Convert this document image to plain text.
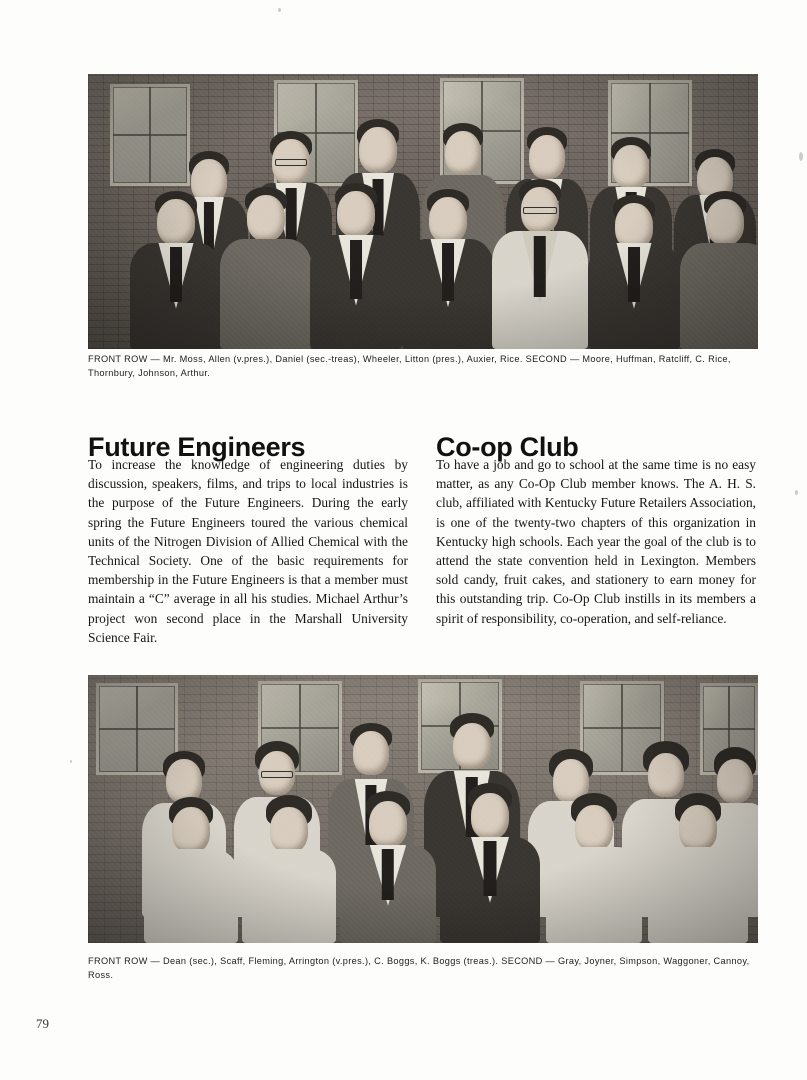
FRONT ROW — Mr. Moss, Allen (v.pres.), Daniel (sec.-treas), Wheeler, Litton (pres.), Auxier, Rice. SECOND — Moore, Huffman, Ratcliff, C. Rice, Thornbury, Johnson, Arthur.
Future Engineers
To increase the knowledge of engineering duties by discussion, speakers, films, and trips to local industries is the purpose of the Future Engineers. During the early spring the Future Engineers toured the various chemical units of the Nitrogen Division of Allied Chemical with the Technical Society. One of the basic requirements for membership in the Future Engineers is that a member must maintain a “C” average in all his studies. Michael Arthur’s project won second place in the Marshall University Science Fair.
Co-op Club
To have a job and go to school at the same time is no easy matter, as any Co-Op Club member knows. The A. H. S. club, affiliated with Kentucky Future Retailers Association, is one of the twenty-two chapters of this organization in Kentucky high schools. Each year the goal of the club is to attend the state convention held in Lexington. Members sold candy, fruit cakes, and stationery to earn money for this outstanding trip. Co-Op Club instills in its members a spirit of responsibility, co-operation, and self-reliance.
FRONT ROW — Dean (sec.), Scaff, Fleming, Arrington (v.pres.), C. Boggs, K. Boggs (treas.). SECOND — Gray, Joyner, Simpson, Waggoner, Cannoy, Ross.
79
